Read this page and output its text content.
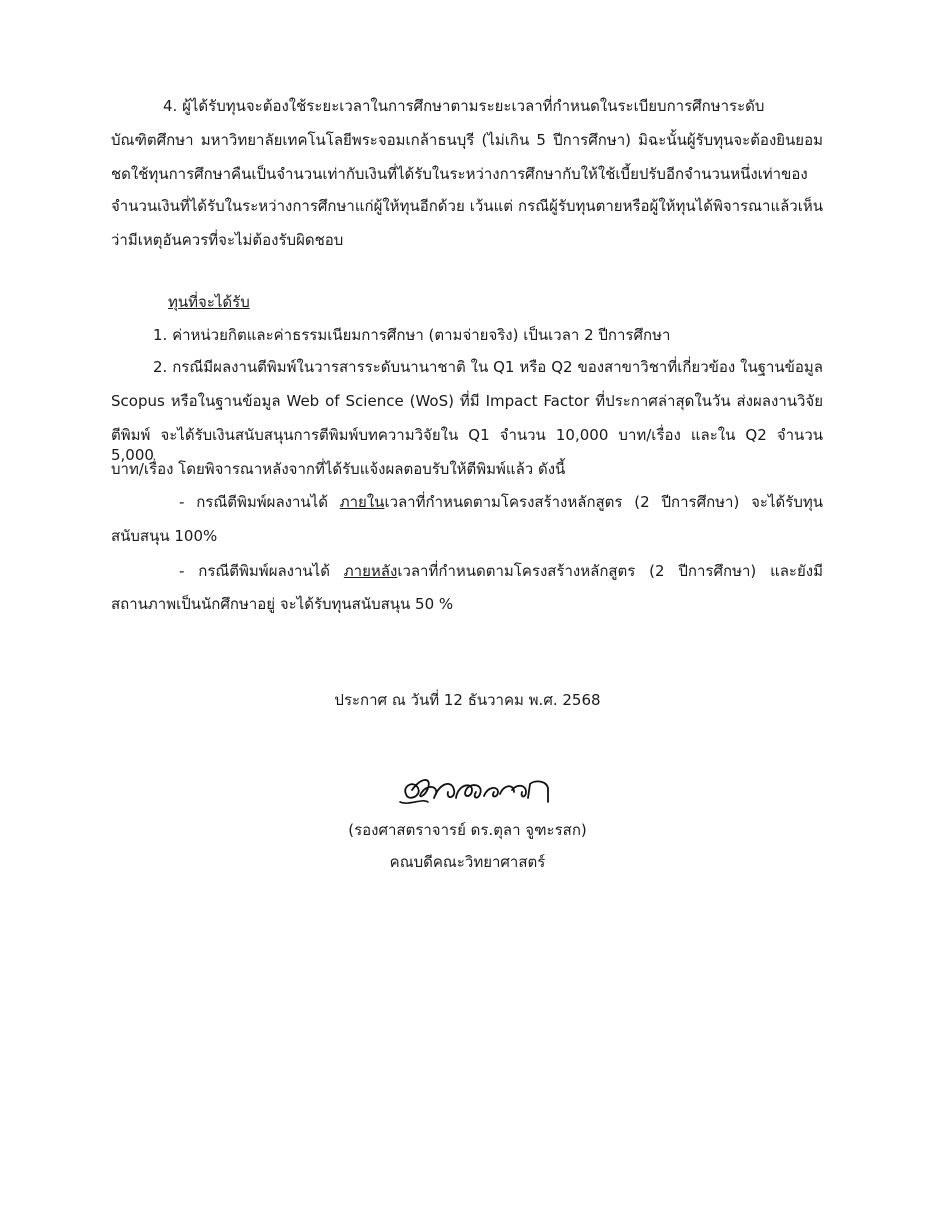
4. ผู้ได้รับทุนจะต้องใช้ระยะเวลาในการศึกษาตามระยะเวลาที่กำหนดในระเบียบการศึกษาระดับ
บัณฑิตศึกษา มหาวิทยาลัยเทคโนโลยีพระจอมเกล้าธนบุรี (ไม่เกิน 5 ปีการศึกษา) มิฉะนั้นผู้รับทุนจะต้องยินยอม
ชดใช้ทุนการศึกษาคืนเป็นจำนวนเท่ากับเงินที่ได้รับในระหว่างการศึกษากับให้ใช้เบี้ยปรับอีกจำนวนหนึ่งเท่าของ
จำนวนเงินที่ได้รับในระหว่างการศึกษาแก่ผู้ให้ทุนอีกด้วย เว้นแต่ กรณีผู้รับทุนตายหรือผู้ให้ทุนได้พิจารณาแล้วเห็น
ว่ามีเหตุอันควรที่จะไม่ต้องรับผิดชอบ
ทุนที่จะได้รับ
1. ค่าหน่วยกิตและค่าธรรมเนียมการศึกษา (ตามจ่ายจริง) เป็นเวลา 2 ปีการศึกษา
2. กรณีมีผลงานตีพิมพ์ในวารสารระดับนานาชาติ ใน Q1 หรือ Q2 ของสาขาวิชาที่เกี่ยวข้อง ในฐานข้อมูล
Scopus หรือในฐานข้อมูล Web of Science (WoS) ที่มี Impact Factor ที่ประกาศล่าสุดในวัน ส่งผลงานวิจัย
ตีพิมพ์ จะได้รับเงินสนับสนุนการตีพิมพ์บทความวิจัยใน Q1 จำนวน 10,000 บาท/เรื่อง และใน Q2 จำนวน 5,000
บาท/เรื่อง โดยพิจารณาหลังจากที่ได้รับแจ้งผลตอบรับให้ตีพิมพ์แล้ว ดังนี้
- กรณีตีพิมพ์ผลงานได้ ภายในเวลาที่กำหนดตามโครงสร้างหลักสูตร (2 ปีการศึกษา) จะได้รับทุน
สนับสนุน 100%
- กรณีตีพิมพ์ผลงานได้ ภายหลังเวลาที่กำหนดตามโครงสร้างหลักสูตร (2 ปีการศึกษา) และยังมี
สถานภาพเป็นนักศึกษาอยู่ จะได้รับทุนสนับสนุน 50 %
ประกาศ ณ วันที่ 12 ธันวาคม พ.ศ. 2568
(รองศาสตราจารย์ ดร.ตุลา จูฑะรสก)
คณบดีคณะวิทยาศาสตร์
